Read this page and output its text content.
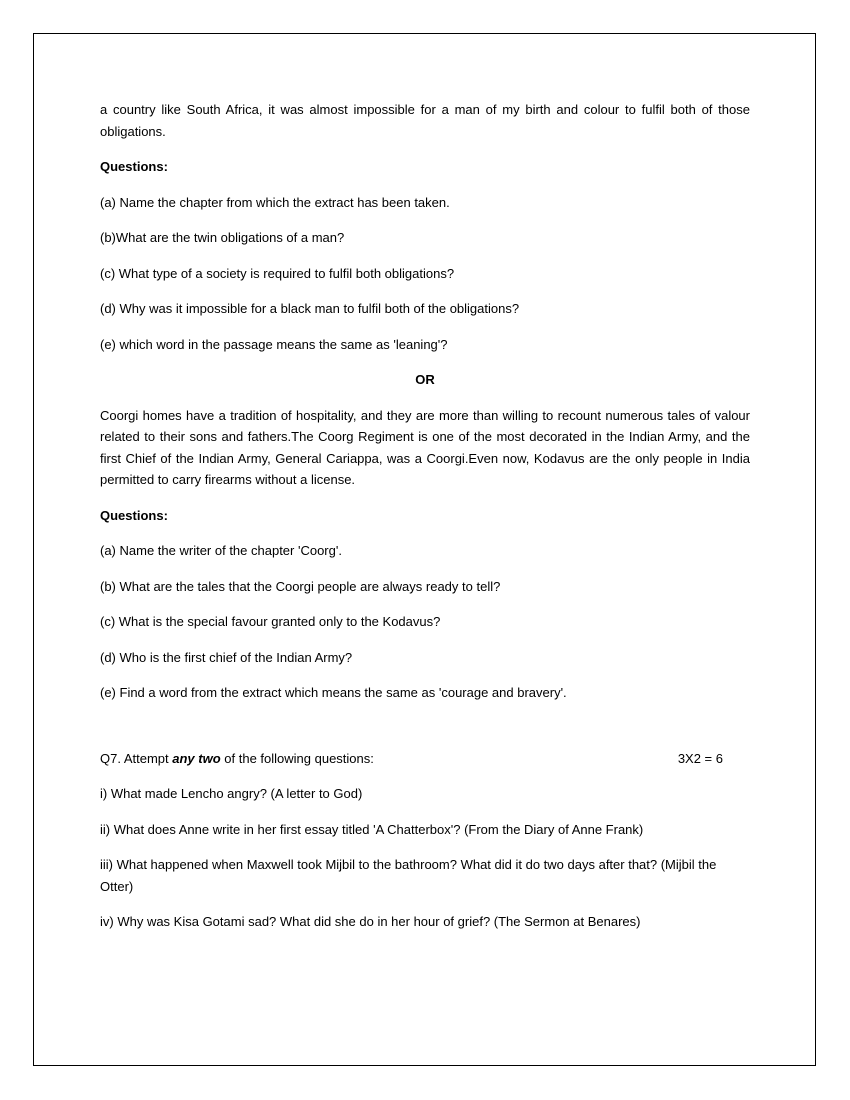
a country like South Africa, it was almost impossible for a man of my birth and colour to fulfil both of those obligations.

Questions:

(a) Name the chapter from which the extract has been taken.

(b)What are the twin obligations of a man?

(c) What type of a society is required to fulfil both obligations?

(d) Why was it impossible for a black man to fulfil both of the obligations?

(e) which word in the passage means the same as 'leaning'?

OR

Coorgi homes have a tradition of hospitality, and they are more than willing to recount numerous tales of valour related to their sons and fathers.The Coorg Regiment is one of the most decorated in the Indian Army, and the first Chief of the Indian Army, General Cariappa, was a Coorgi.Even now, Kodavus are the only people in India permitted to carry firearms without a license.

Questions:

(a) Name the writer of the chapter 'Coorg'.

(b) What are the tales that the Coorgi people are always ready to tell?

(c) What is the special favour granted only to the Kodavus?

(d) Who is the first chief of the Indian Army?

(e) Find a word from the extract which means the same as 'courage and bravery'.

Q7. Attempt any two of the following questions:	3X2 = 6

i) What made Lencho angry? (A letter to God)

ii) What does Anne write in her first essay titled 'A Chatterbox'? (From the Diary of Anne Frank)

iii) What happened when Maxwell took Mijbil to the bathroom? What did it do two days after that? (Mijbil the Otter)

iv) Why was Kisa Gotami sad? What did she do in her hour of grief? (The Sermon at Benares)
